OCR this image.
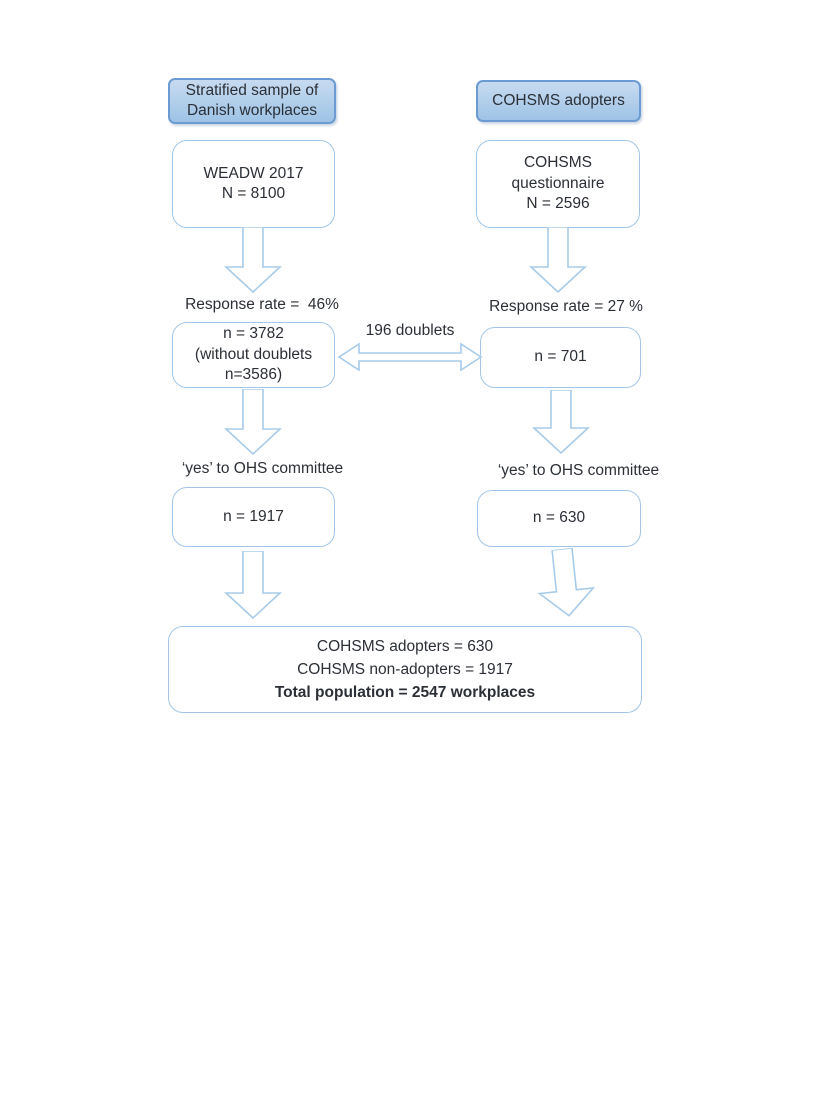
Stratified sample of
Danish workplaces
WEADW 2017
N = 8100
Response rate =  46%
n = 3782
(without doublets
n=3586)
‘yes’ to OHS committee
n = 1917
COHSMS adopters
COHSMS
questionnaire
N = 2596
Response rate = 27 %
n = 701
‘yes’ to OHS committee
n = 630
196 doublets
COHSMS adopters = 630
COHSMS non-adopters = 1917
Total population = 2547 workplaces
